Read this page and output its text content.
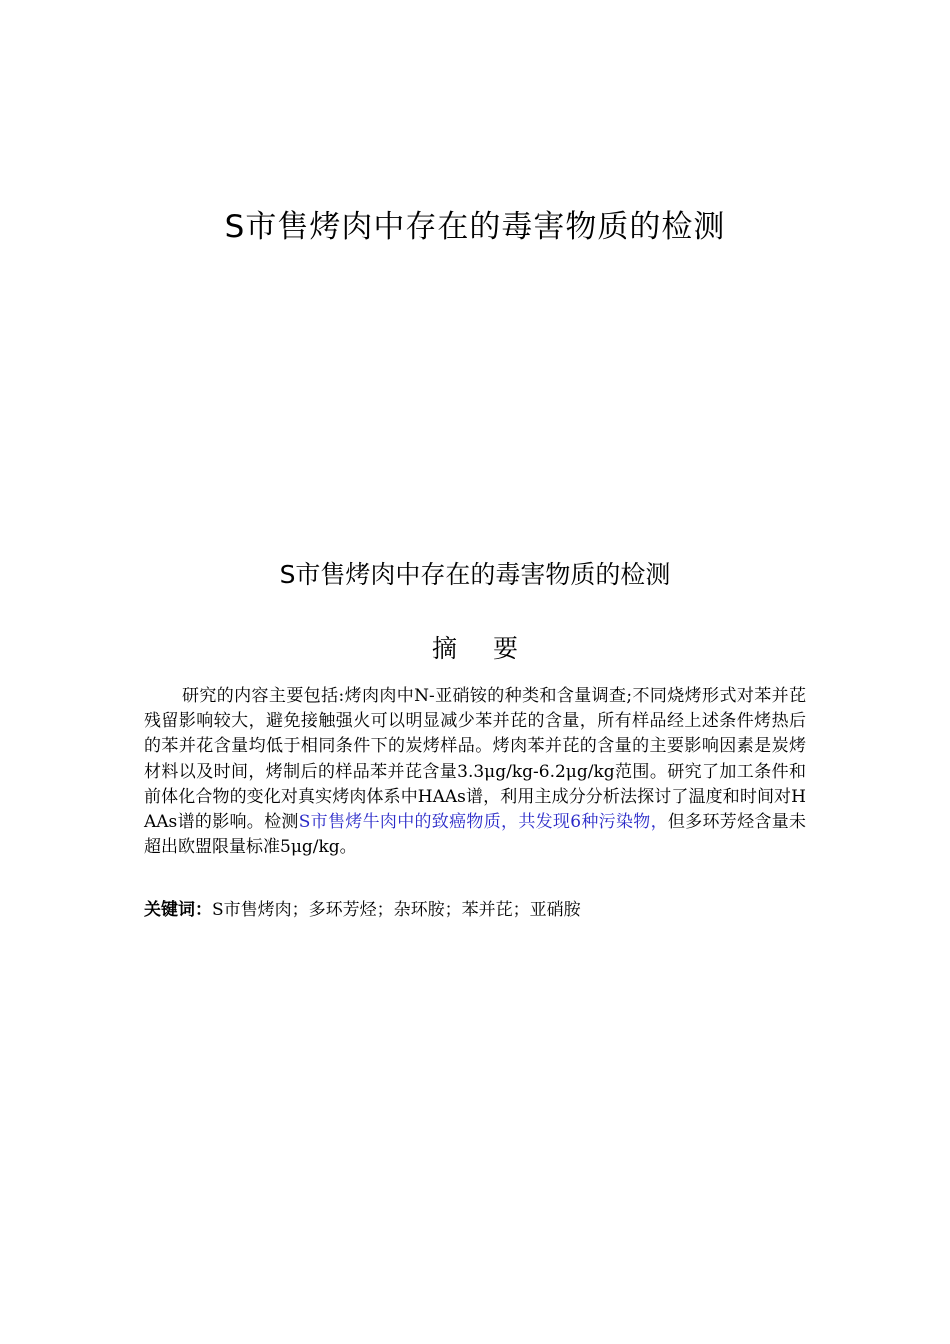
S市售烤肉中存在的毒害物质的检测
S市售烤肉中存在的毒害物质的检测
摘 要

研究的内容主要包括:烤肉肉中N-亚硝铵的种类和含量调查;不同烧烤形式对苯并芘残留影响较大，避免接触强火可以明显减少苯并芘的含量，所有样品经上述条件烤热后的苯并花含量均低于相同条件下的炭烤样品。烤肉苯并芘的含量的主要影响因素是炭烤材料以及时间，烤制后的样品苯并芘含量3.3μg/kg-6.2μg/kg范围。研究了加工条件和前体化合物的变化对真实烤肉体系中HAAs谱，利用主成分分析法探讨了温度和时间对HAAs谱的影响。检测S市售烤牛肉中的致癌物质，共发现6种污染物，但多环芳烃含量未超出欧盟限量标准5μg/kg。

关键词：S市售烤肉；多环芳烃；杂环胺；苯并芘；亚硝胺
